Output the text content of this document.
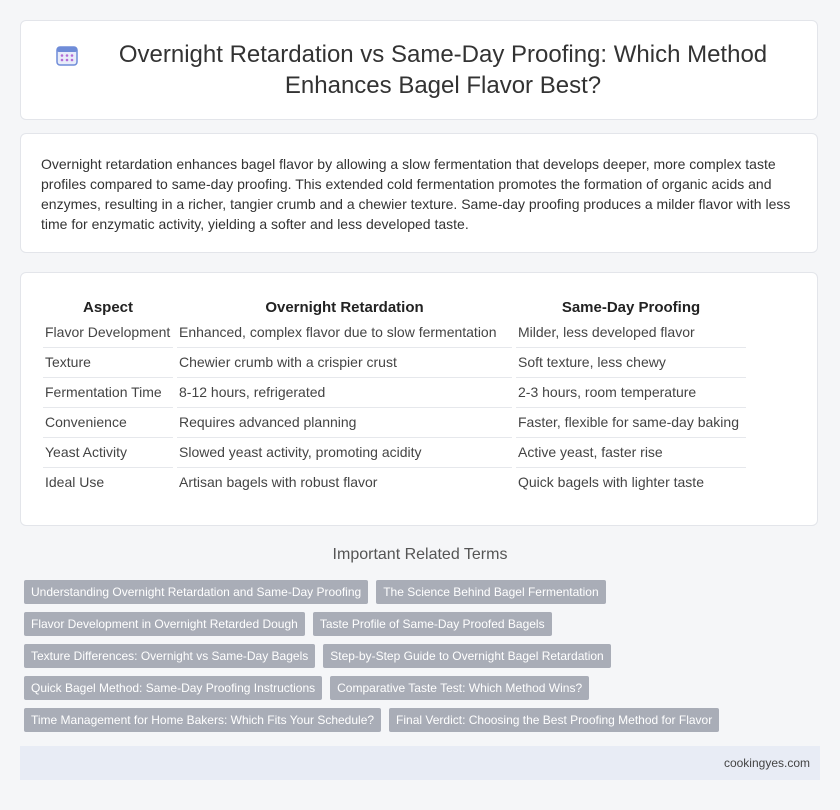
Overnight Retardation vs Same-Day Proofing: Which Method Enhances Bagel Flavor Best?

Overnight retardation enhances bagel flavor by allowing a slow fermentation that develops deeper, more complex taste profiles compared to same-day proofing. This extended cold fermentation promotes the formation of organic acids and enzymes, resulting in a richer, tangier crumb and a chewier texture. Same-day proofing produces a milder flavor with less time for enzymatic activity, yielding a softer and less developed taste.

Aspect	Overnight Retardation	Same-Day Proofing
Flavor Development	Enhanced, complex flavor due to slow fermentation	Milder, less developed flavor
Texture	Chewier crumb with a crispier crust	Soft texture, less chewy
Fermentation Time	8-12 hours, refrigerated	2-3 hours, room temperature
Convenience	Requires advanced planning	Faster, flexible for same-day baking
Yeast Activity	Slowed yeast activity, promoting acidity	Active yeast, faster rise
Ideal Use	Artisan bagels with robust flavor	Quick bagels with lighter taste
Important Related Terms
Understanding Overnight Retardation and Same-Day Proofing	The Science Behind Bagel Fermentation
Flavor Development in Overnight Retarded Dough	Taste Profile of Same-Day Proofed Bagels
Texture Differences: Overnight vs Same-Day Bagels	Step-by-Step Guide to Overnight Bagel Retardation
Quick Bagel Method: Same-Day Proofing Instructions	Comparative Taste Test: Which Method Wins?
Time Management for Home Bakers: Which Fits Your Schedule?	Final Verdict: Choosing the Best Proofing Method for Flavor
cookingyes.com
